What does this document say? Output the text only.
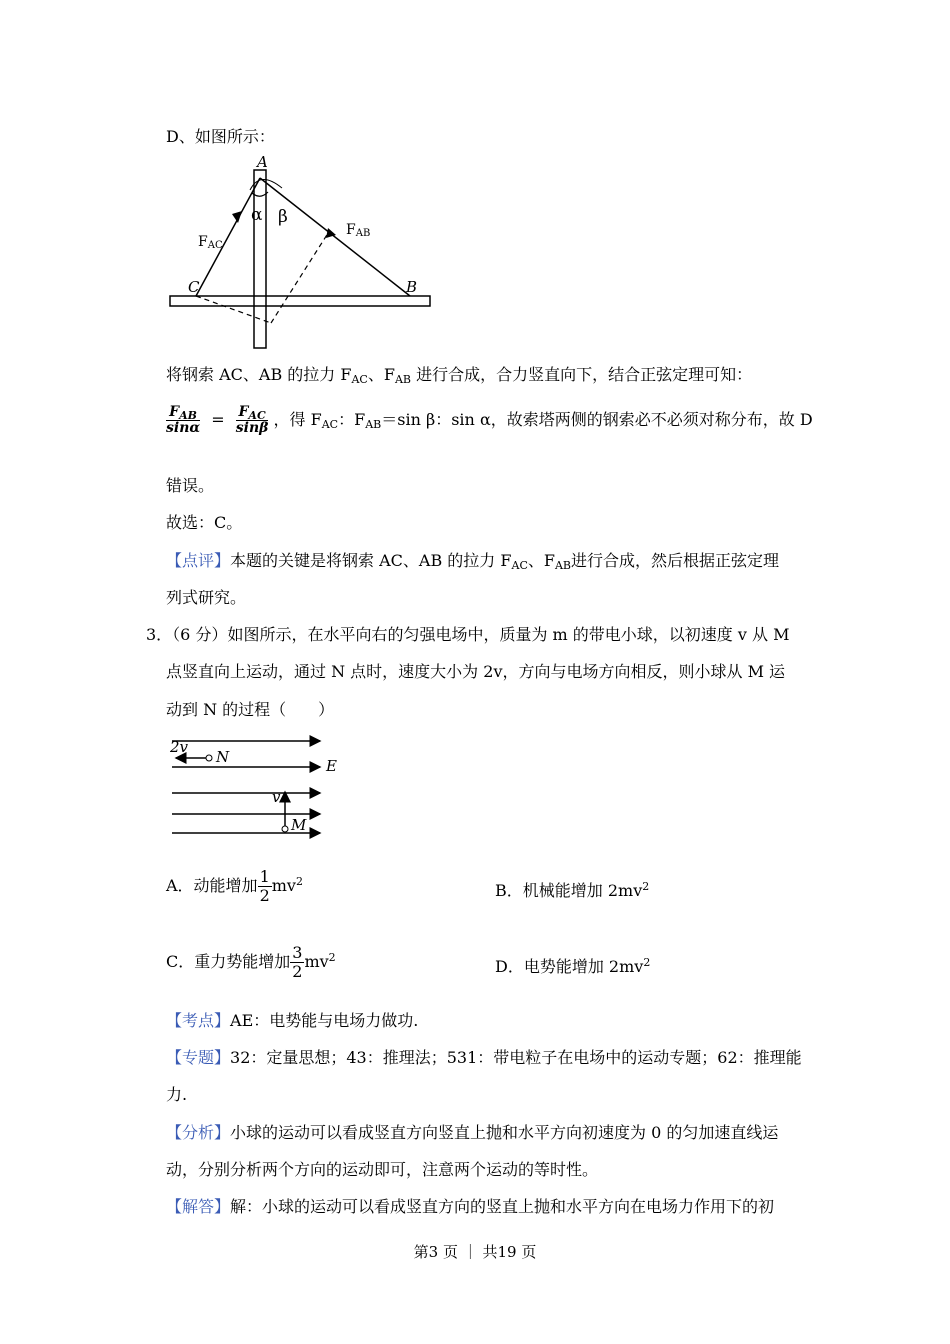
D、如图所示：
A
α β
FAC
FAB
C	B
将钢索 AC、AB 的拉力 $F_{AC}$、$F_{AB}$ 进行合成，合力竖直向下，结合正弦定理可知：
$\frac{F_{AB}}{\sin\alpha} = \frac{F_{AC}}{\sin\beta}$ ，得 $F_{AC}$：$F_{AB}=\sin$ β：sin α，故索塔两侧的钢索必不必须对称分布，故 D
错误。
故选：C。
【点评】本题的关键是将钢索 AC、AB 的拉力 $F_{AC}$、$F_{AB}$进行合成，然后根据正弦定理
列式研究。
3．（6 分）如图所示，在水平向右的匀强电场中，质量为 m 的带电小球，以初速度 v 从 M
点竖直向上运动，通过 N 点时，速度大小为 2v，方向与电场方向相反，则小球从 M 运
动到 N 的过程（　　）
2v
N	E
v
M
A．动能增加 $\frac{1}{2} mv^2$	B．机械能增加 $2mv^2$
C．重力势能增加 $\frac{3}{2} mv^2$	D．电势能增加 $2mv^2$
【考点】AE：电势能与电场力做功.
【专题】32：定量思想；43：推理法；531：带电粒子在电场中的运动专题；62：推理能
力.
【分析】小球的运动可以看成竖直方向竖直上抛和水平方向初速度为 0 的匀加速直线运
动，分别分析两个方向的运动即可，注意两个运动的等时性。
【解答】解：小球的运动可以看成竖直方向的竖直上抛和水平方向在电场力作用下的初
第3 页 ｜ 共19 页
